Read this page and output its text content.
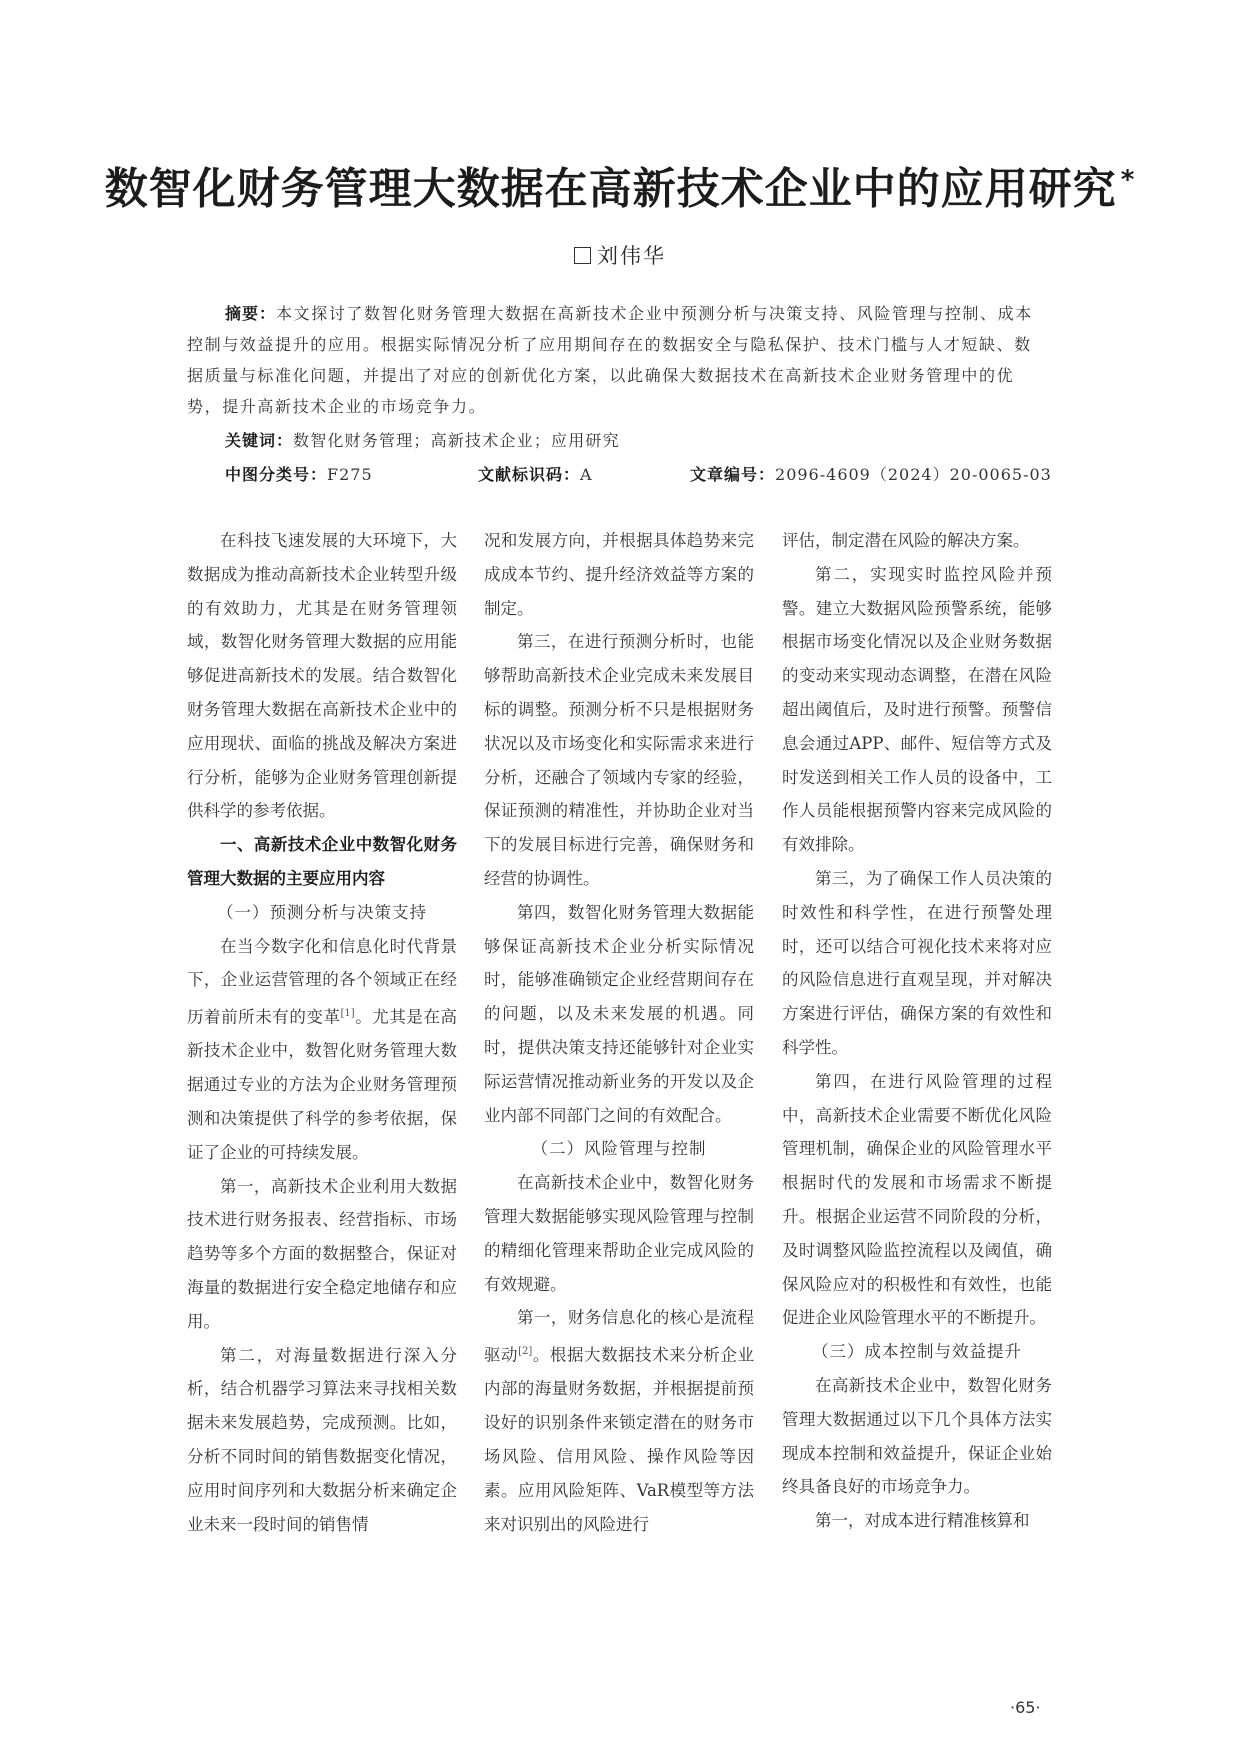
数智化财务管理大数据在高新技术企业中的应用研究 *
刘伟华

摘要：本文探讨了数智化财务管理大数据在高新技术企业中预测分析与决策支持、风险管理与控制、成本控制与效益提升的应用。根据实际情况分析了应用期间存在的数据安全与隐私保护、技术门槛与人才短缺、数据质量与标准化问题，并提出了对应的创新优化方案，以此确保大数据技术在高新技术企业财务管理中的优势，提升高新技术企业的市场竞争力。

关键词：数智化财务管理；高新技术企业；应用研究
中图分类号：F275	文献标识码：A	文章编号：2096-4609（2024）20-0065-03

在科技飞速发展的大环境下，大数据成为推动高新技术企业转型升级的有效助力，尤其是在财务管理领域，数智化财务管理大数据的应用能够促进高新技术的发展。结合数智化财务管理大数据在高新技术企业中的应用现状、面临的挑战及解决方案进行分析，能够为企业财务管理创新提供科学的参考依据。

一、高新技术企业中数智化财务管理大数据的主要应用内容

（一）预测分析与决策支持

在当今数字化和信息化时代背景下，企业运营管理的各个领域正在经历着前所未有的变革[1]。尤其是在高新技术企业中，数智化财务管理大数据通过专业的方法为企业财务管理预测和决策提供了科学的参考依据，保证了企业的可持续发展。

第一，高新技术企业利用大数据技术进行财务报表、经营指标、市场趋势等多个方面的数据整合，保证对海量的数据进行安全稳定地储存和应用。

第二，对海量数据进行深入分析，结合机器学习算法来寻找相关数据未来发展趋势，完成预测。比如，分析不同时间的销售数据变化情况，应用时间序列和大数据分析来确定企业未来一段时间的销售情

况和发展方向，并根据具体趋势来完成成本节约、提升经济效益等方案的制定。

第三，在进行预测分析时，也能够帮助高新技术企业完成未来发展目标的调整。预测分析不只是根据财务状况以及市场变化和实际需求来进行分析，还融合了领域内专家的经验，保证预测的精准性，并协助企业对当下的发展目标进行完善，确保财务和经营的协调性。

第四，数智化财务管理大数据能够保证高新技术企业分析实际情况时，能够准确锁定企业经营期间存在的问题，以及未来发展的机遇。同时，提供决策支持还能够针对企业实际运营情况推动新业务的开发以及企业内部不同部门之间的有效配合。

（二）风险管理与控制

在高新技术企业中，数智化财务管理大数据能够实现风险管理与控制的精细化管理来帮助企业完成风险的有效规避。

第一，财务信息化的核心是流程驱动[2]。根据大数据技术来分析企业内部的海量财务数据，并根据提前预设好的识别条件来锁定潜在的财务市场风险、信用风险、操作风险等因素。应用风险矩阵、VaR模型等方法来对识别出的风险进行

评估，制定潜在风险的解决方案。

第二，实现实时监控风险并预警。建立大数据风险预警系统，能够根据市场变化情况以及企业财务数据的变动来实现动态调整，在潜在风险超出阈值后，及时进行预警。预警信息会通过APP、邮件、短信等方式及时发送到相关工作人员的设备中，工作人员能根据预警内容来完成风险的有效排除。

第三，为了确保工作人员决策的时效性和科学性，在进行预警处理时，还可以结合可视化技术来将对应的风险信息进行直观呈现，并对解决方案进行评估，确保方案的有效性和科学性。

第四，在进行风险管理的过程中，高新技术企业需要不断优化风险管理机制，确保企业的风险管理水平根据时代的发展和市场需求不断提升。根据企业运营不同阶段的分析，及时调整风险监控流程以及阈值，确保风险应对的积极性和有效性，也能促进企业风险管理水平的不断提升。

（三）成本控制与效益提升

在高新技术企业中，数智化财务管理大数据通过以下几个具体方法实现成本控制和效益提升，保证企业始终具备良好的市场竞争力。

第一，对成本进行精准核算和

·65·
